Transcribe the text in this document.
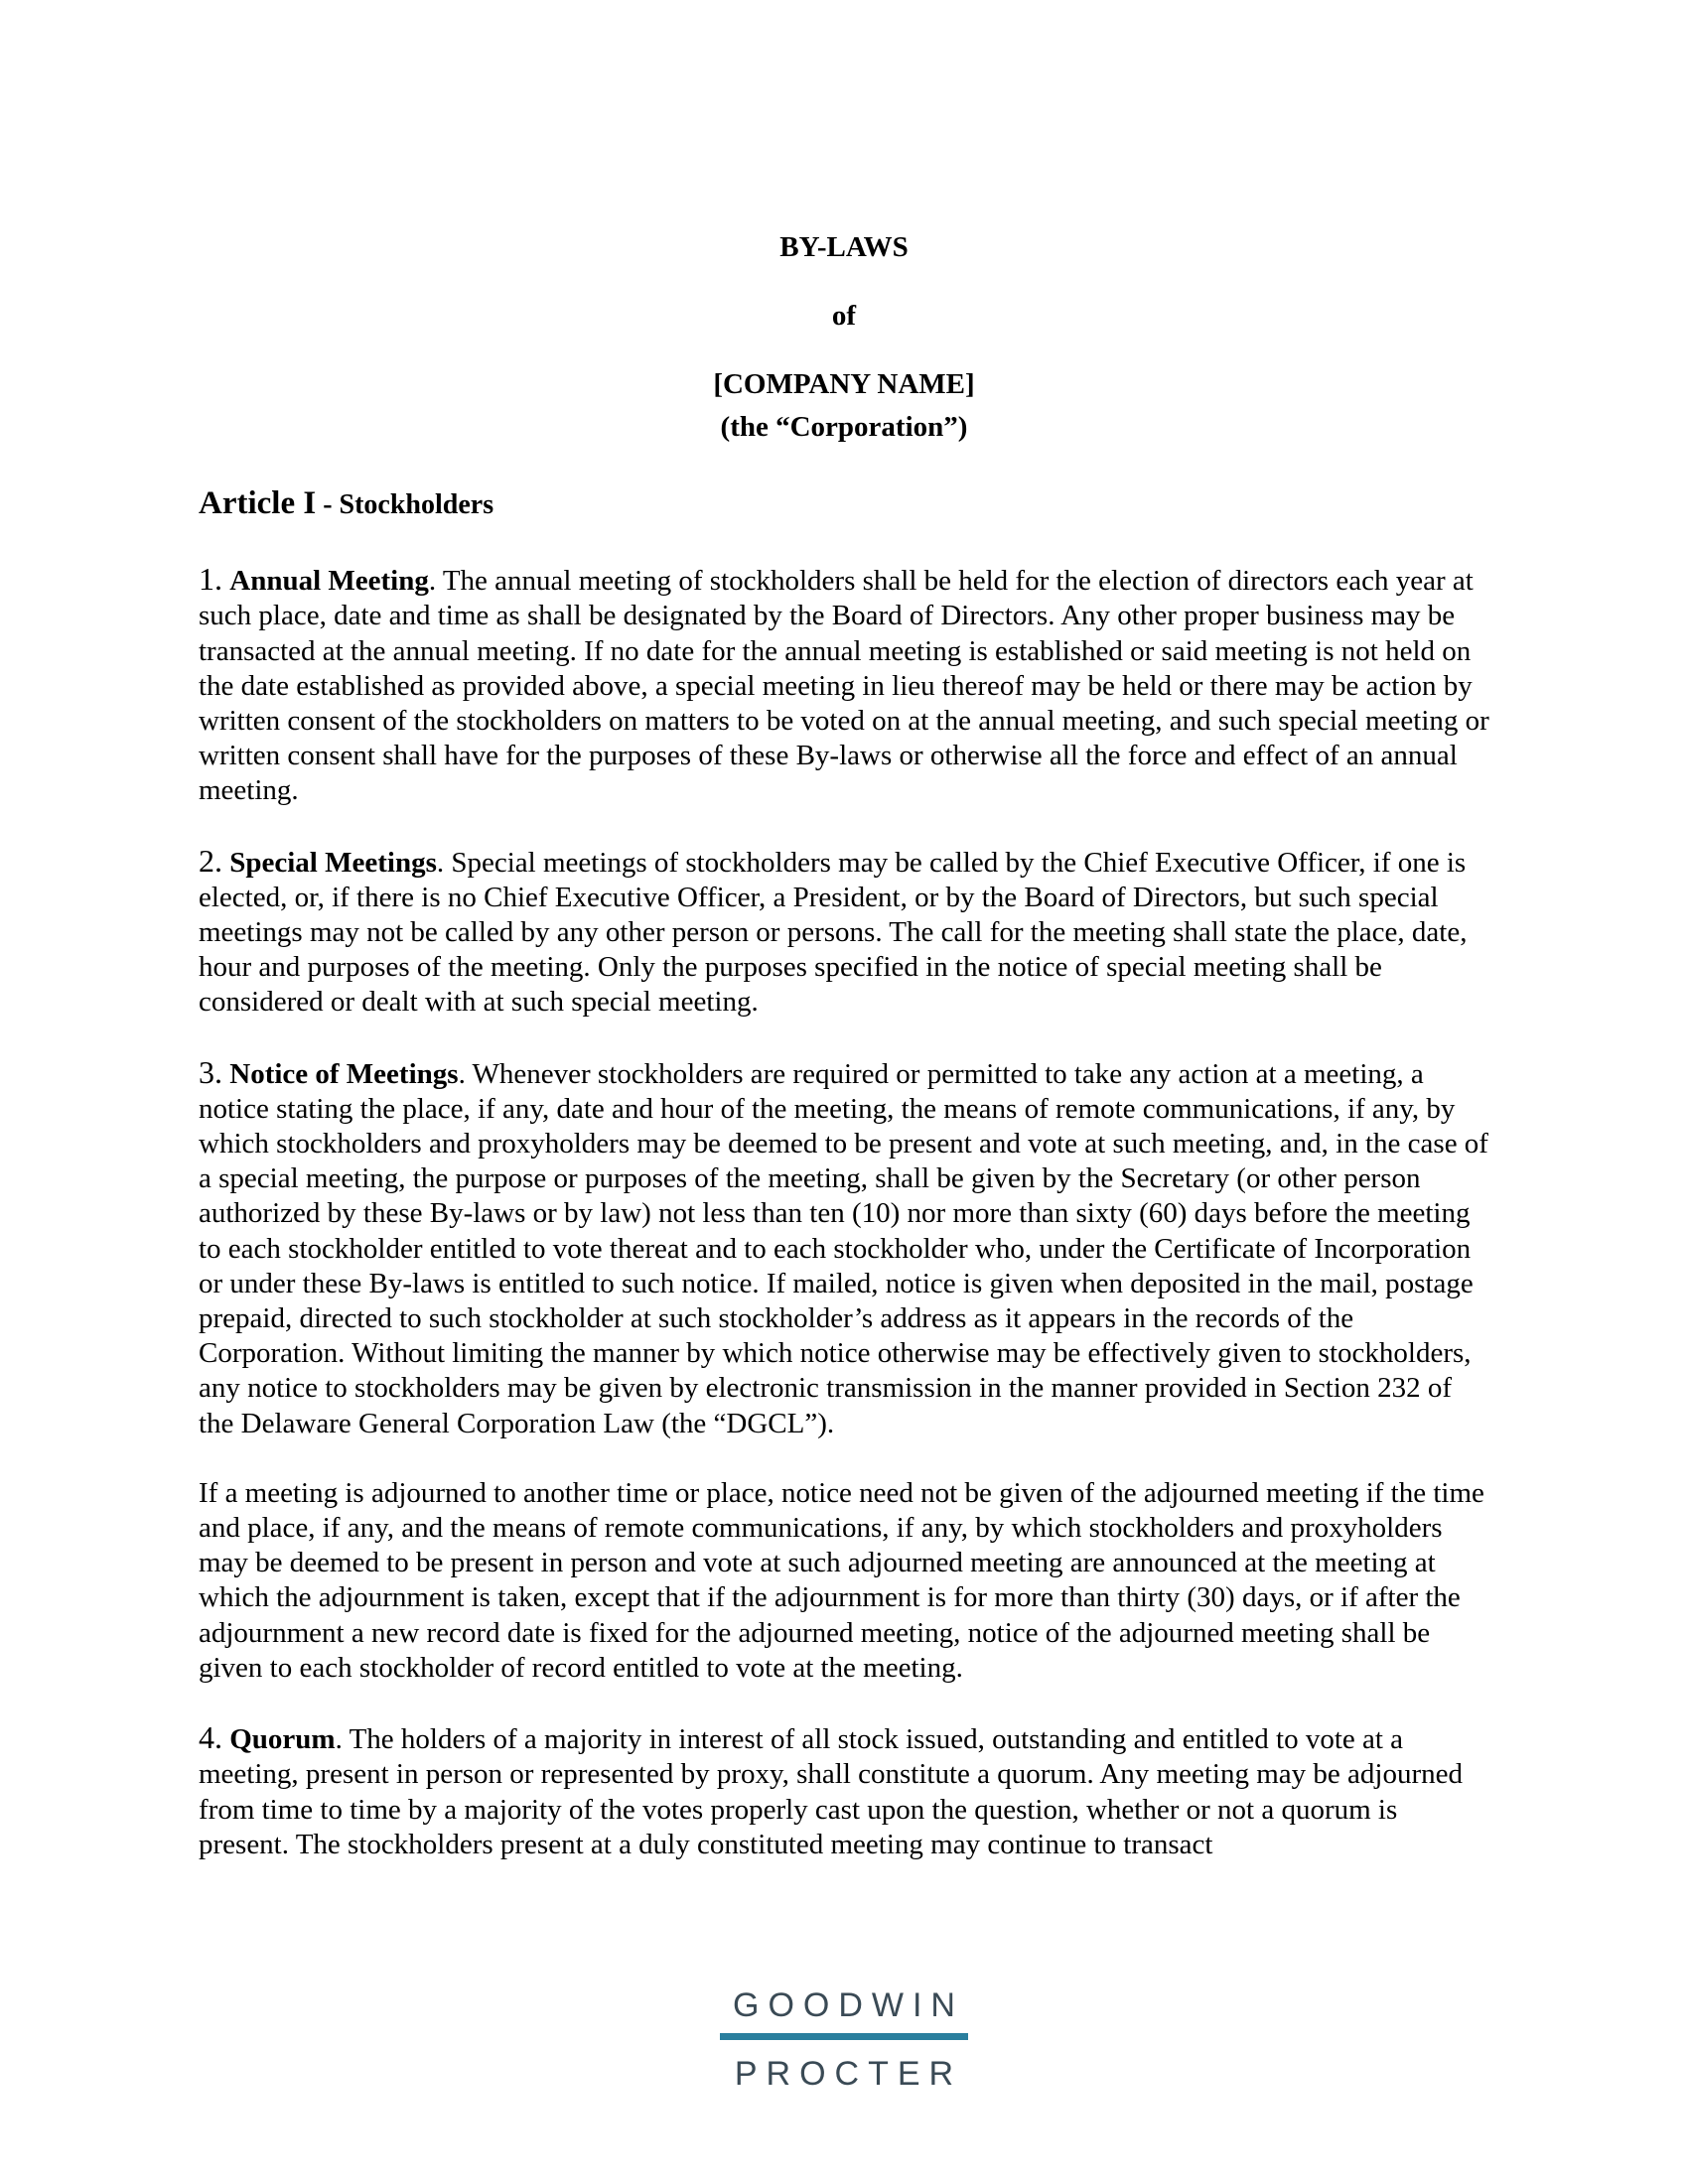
BY-LAWS
of
[COMPANY NAME]
(the “Corporation”)
Article I - Stockholders

1. Annual Meeting. The annual meeting of stockholders shall be held for the election of directors each year at such place, date and time as shall be designated by the Board of Directors. Any other proper business may be transacted at the annual meeting. If no date for the annual meeting is established or said meeting is not held on the date established as provided above, a special meeting in lieu thereof may be held or there may be action by written consent of the stockholders on matters to be voted on at the annual meeting, and such special meeting or written consent shall have for the purposes of these By-laws or otherwise all the force and effect of an annual meeting.

2. Special Meetings. Special meetings of stockholders may be called by the Chief Executive Officer, if one is elected, or, if there is no Chief Executive Officer, a President, or by the Board of Directors, but such special meetings may not be called by any other person or persons. The call for the meeting shall state the place, date, hour and purposes of the meeting. Only the purposes specified in the notice of special meeting shall be considered or dealt with at such special meeting.

3. Notice of Meetings. Whenever stockholders are required or permitted to take any action at a meeting, a notice stating the place, if any, date and hour of the meeting, the means of remote communications, if any, by which stockholders and proxyholders may be deemed to be present and vote at such meeting, and, in the case of a special meeting, the purpose or purposes of the meeting, shall be given by the Secretary (or other person authorized by these By-laws or by law) not less than ten (10) nor more than sixty (60) days before the meeting to each stockholder entitled to vote thereat and to each stockholder who, under the Certificate of Incorporation or under these By-laws is entitled to such notice. If mailed, notice is given when deposited in the mail, postage prepaid, directed to such stockholder at such stockholder’s address as it appears in the records of the Corporation. Without limiting the manner by which notice otherwise may be effectively given to stockholders, any notice to stockholders may be given by electronic transmission in the manner provided in Section 232 of the Delaware General Corporation Law (the “DGCL”).

If a meeting is adjourned to another time or place, notice need not be given of the adjourned meeting if the time and place, if any, and the means of remote communications, if any, by which stockholders and proxyholders may be deemed to be present in person and vote at such adjourned meeting are announced at the meeting at which the adjournment is taken, except that if the adjournment is for more than thirty (30) days, or if after the adjournment a new record date is fixed for the adjourned meeting, notice of the adjourned meeting shall be given to each stockholder of record entitled to vote at the meeting.

4. Quorum. The holders of a majority in interest of all stock issued, outstanding and entitled to vote at a meeting, present in person or represented by proxy, shall constitute a quorum. Any meeting may be adjourned from time to time by a majority of the votes properly cast upon the question, whether or not a quorum is present. The stockholders present at a duly constituted meeting may continue to transact

GOODWIN
PROCTER
